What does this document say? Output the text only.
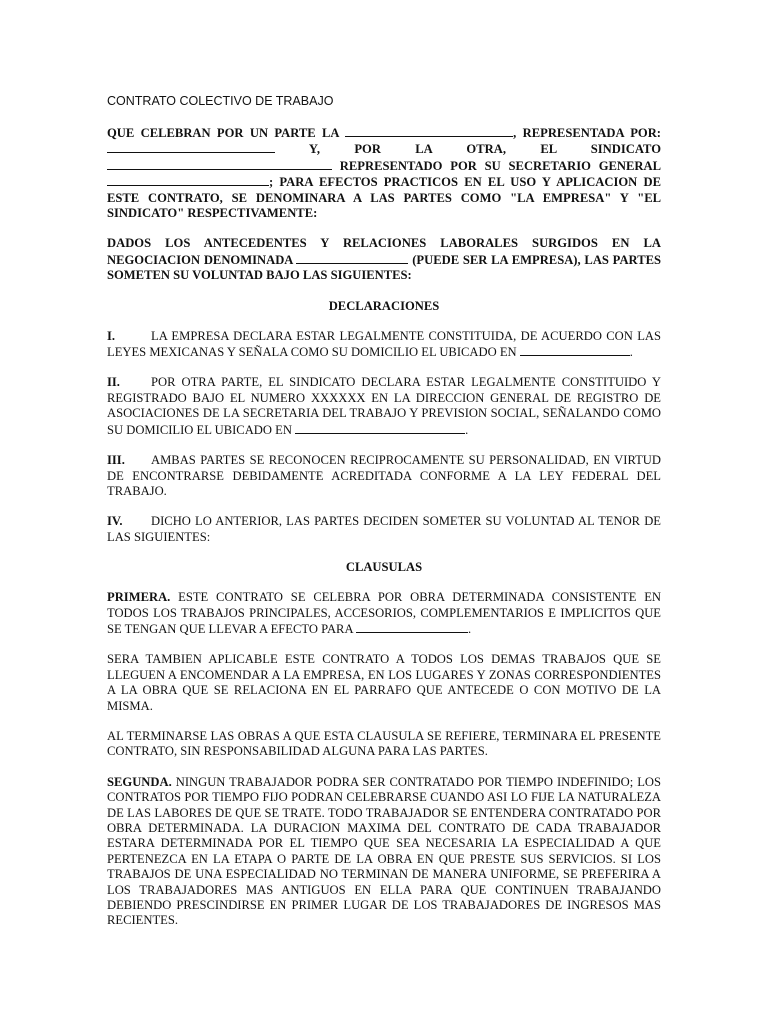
CONTRATO COLECTIVO DE TRABAJO

QUE CELEBRAN POR UN PARTE LA	, REPRESENTADA POR:  Y, POR LA OTRA, EL SINDICATO  REPRESENTADO POR SU SECRETARIO GENERAL ; PARA EFECTOS PRACTICOS EN EL USO Y APLICACION DE ESTE CONTRATO, SE DENOMINARA A LAS PARTES COMO "LA EMPRESA" Y "EL SINDICATO" RESPECTIVAMENTE:

DADOS LOS ANTECEDENTES Y RELACIONES LABORALES SURGIDOS EN LA NEGOCIACION DENOMINADA	(PUEDE SER LA EMPRESA), LAS PARTES SOMETEN SU VOLUNTAD BAJO LAS SIGUIENTES:

DECLARACIONES

I.	LA EMPRESA DECLARA ESTAR LEGALMENTE CONSTITUIDA, DE ACUERDO CON LAS LEYES MEXICANAS Y SEÑALA COMO SU DOMICILIO EL UBICADO EN	.

II. POR OTRA PARTE, EL SINDICATO DECLARA ESTAR LEGALMENTE CONSTITUIDO Y REGISTRADO BAJO EL NUMERO XXXXXX EN LA DIRECCION GENERAL DE REGISTRO DE ASOCIACIONES DE LA SECRETARIA DEL TRABAJO Y PREVISION SOCIAL, SEÑALANDO COMO SU DOMICILIO EL UBICADO EN	.

III. AMBAS PARTES SE RECONOCEN RECIPROCAMENTE SU PERSONALIDAD, EN VIRTUD DE ENCONTRARSE DEBIDAMENTE ACREDITADA CONFORME A LA LEY FEDERAL DEL TRABAJO.

IV. DICHO LO ANTERIOR, LAS PARTES DECIDEN SOMETER SU VOLUNTAD AL TENOR DE LAS SIGUIENTES:

CLAUSULAS

PRIMERA. ESTE CONTRATO SE CELEBRA POR OBRA DETERMINADA CONSISTENTE EN TODOS LOS TRABAJOS PRINCIPALES, ACCESORIOS, COMPLEMENTARIOS E IMPLICITOS QUE SE TENGAN QUE LLEVAR A EFECTO PARA	.

SERA TAMBIEN APLICABLE ESTE CONTRATO A TODOS LOS DEMAS TRABAJOS QUE SE LLEGUEN A ENCOMENDAR A LA EMPRESA, EN LOS LUGARES Y ZONAS CORRESPONDIENTES A LA OBRA QUE SE RELACIONA EN EL PARRAFO QUE ANTECEDE O CON MOTIVO DE LA MISMA.

AL TERMINARSE LAS OBRAS A QUE ESTA CLAUSULA SE REFIERE, TERMINARA EL PRESENTE CONTRATO, SIN RESPONSABILIDAD ALGUNA PARA LAS PARTES.

SEGUNDA. NINGUN TRABAJADOR PODRA SER CONTRATADO POR TIEMPO INDEFINIDO; LOS CONTRATOS POR TIEMPO FIJO PODRAN CELEBRARSE CUANDO ASI LO FIJE LA NATURALEZA DE LAS LABORES DE QUE SE TRATE. TODO TRABAJADOR SE ENTENDERA CONTRATADO POR OBRA DETERMINADA. LA DURACION MAXIMA DEL CONTRATO DE CADA TRABAJADOR ESTARA DETERMINADA POR EL TIEMPO QUE SEA NECESARIA LA ESPECIALIDAD A QUE PERTENEZCA EN LA ETAPA O PARTE DE LA OBRA EN QUE PRESTE SUS SERVICIOS. SI LOS TRABAJOS DE UNA ESPECIALIDAD NO TERMINAN DE MANERA UNIFORME, SE PREFERIRA A LOS TRABAJADORES MAS ANTIGUOS EN ELLA PARA QUE CONTINUEN TRABAJANDO DEBIENDO PRESCINDIRSE EN PRIMER LUGAR DE LOS TRABAJADORES DE INGRESOS MAS RECIENTES.
